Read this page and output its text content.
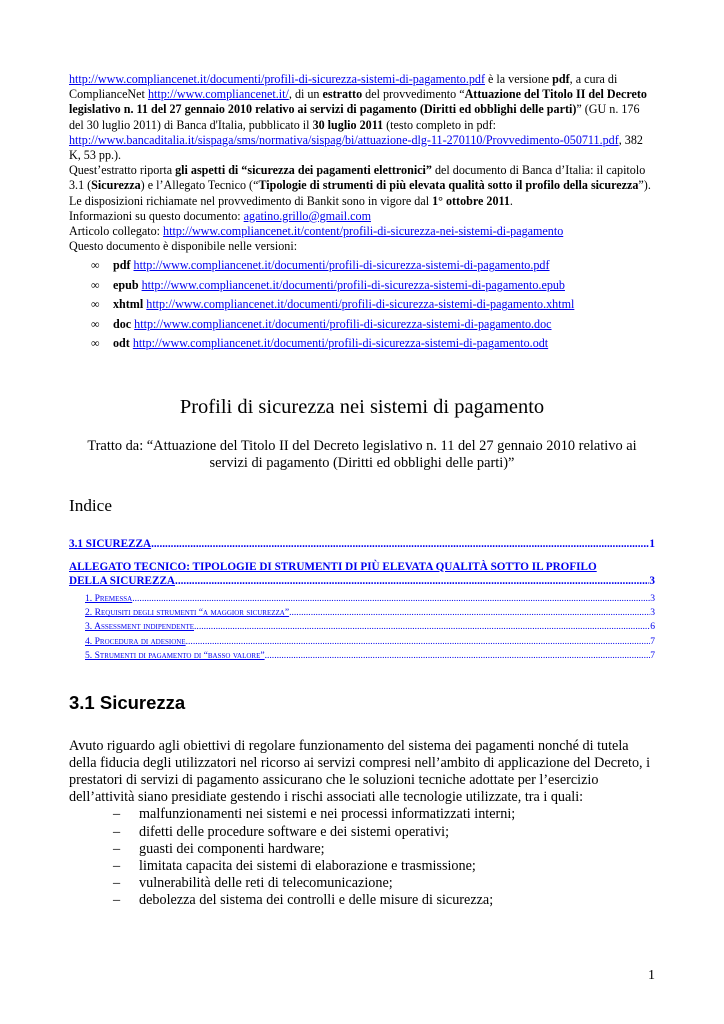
http://www.compliancenet.it/documenti/profili-di-sicurezza-sistemi-di-pagamento.pdf è la versione pdf, a cura di
ComplianceNet http://www.compliancenet.it/, di un estratto del provvedimento “Attuazione del Titolo II del Decreto legislativo n. 11 del 27 gennaio 2010 relativo ai servizi di pagamento (Diritti ed obblighi delle parti)” (GU n. 176 del 30 luglio 2011) di Banca d'Italia, pubblicato il 30 luglio 2011 (testo completo in pdf:
http://www.bancaditalia.it/sispaga/sms/normativa/sispag/bi/attuazione-dlg-11-270110/Provvedimento-050711.pdf, 382 K, 53 pp.).

Quest’estratto riporta gli aspetti di “sicurezza dei pagamenti elettronici” del documento di Banca d’Italia: il capitolo 3.1 (Sicurezza) e l’Allegato Tecnico (“Tipologie di strumenti di più elevata qualità sotto il profilo della sicurezza”).

Le disposizioni richiamate nel provvedimento di Bankit sono in vigore dal 1° ottobre 2011.

Informazioni su questo documento: agatino.grillo@gmail.com

Articolo collegato: http://www.compliancenet.it/content/profili-di-sicurezza-nei-sistemi-di-pagamento

Questo documento è disponibile nelle versioni:

∞ pdf http://www.compliancenet.it/documenti/profili-di-sicurezza-sistemi-di-pagamento.pdf
∞ epub http://www.compliancenet.it/documenti/profili-di-sicurezza-sistemi-di-pagamento.epub
∞ xhtml http://www.compliancenet.it/documenti/profili-di-sicurezza-sistemi-di-pagamento.xhtml
∞ doc http://www.compliancenet.it/documenti/profili-di-sicurezza-sistemi-di-pagamento.doc
∞ odt http://www.compliancenet.it/documenti/profili-di-sicurezza-sistemi-di-pagamento.odt
Profili di sicurezza nei sistemi di pagamento

Tratto da: “Attuazione del Titolo II del Decreto legislativo n. 11 del 27 gennaio 2010 relativo ai servizi di pagamento (Diritti ed obblighi delle parti)”

Indice
3.1 SICUREZZA .....	1
ALLEGATO TECNICO: TIPOLOGIE DI STRUMENTI DI PIÙ ELEVATA QUALITÀ SOTTO IL PROFILO
DELLA SICUREZZA .....	3
1. Premessa .....	3
2. Requisiti degli strumenti “a maggior sicurezza” .....	3
3. Assessment indipendente .....	6
4. Procedura di adesione .....	7
5. Strumenti di pagamento di “basso valore” .....	7
3.1 Sicurezza

Avuto riguardo agli obiettivi di regolare funzionamento del sistema dei pagamenti nonché di tutela della fiducia degli utilizzatori nel ricorso ai servizi compresi nell’ambito di applicazione del Decreto, i prestatori di servizi di pagamento assicurano che le soluzioni tecniche adottate per l’esercizio dell’attività siano presidiate gestendo i rischi associati alle tecnologie utilizzate, tra i quali:

– malfunzionamenti nei sistemi e nei processi informatizzati interni;
– difetti delle procedure software e dei sistemi operativi;
– guasti dei componenti hardware;
– limitata capacita dei sistemi di elaborazione e trasmissione;
– vulnerabilità delle reti di telecomunicazione;
– debolezza del sistema dei controlli e delle misure di sicurezza;
1
